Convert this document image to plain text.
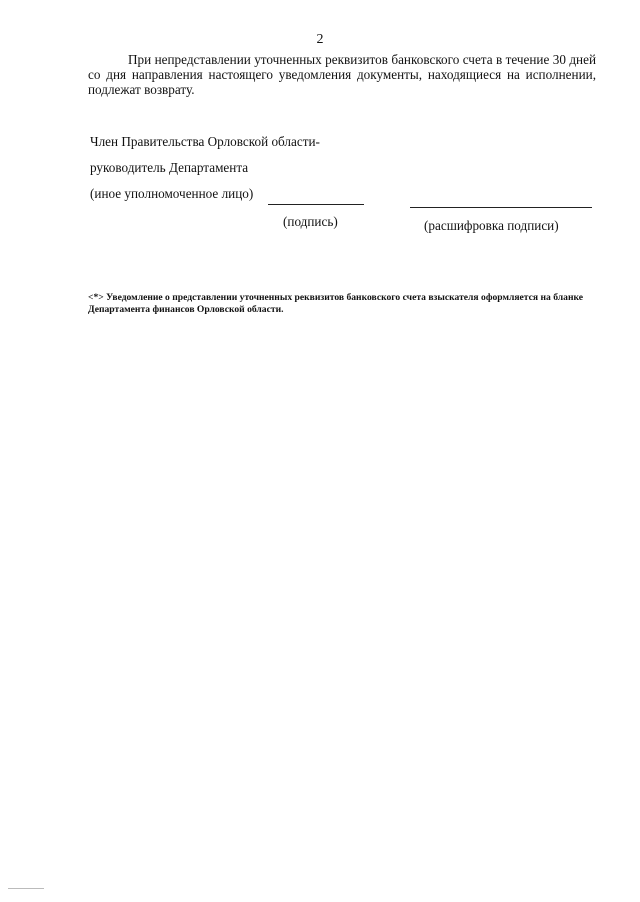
2

При непредставлении уточненных реквизитов банковского счета в течение 30 дней со дня направления настоящего уведомления документы, находящиеся на исполнении, подлежат возврату.

Член Правительства Орловской области-
руководитель Департамента
(иное уполномоченное лицо)
(подпись)	(расшифровка подписи)

<*> Уведомление о представлении уточненных реквизитов банковского счета взыскателя оформляется на бланке Департамента финансов Орловской области.
